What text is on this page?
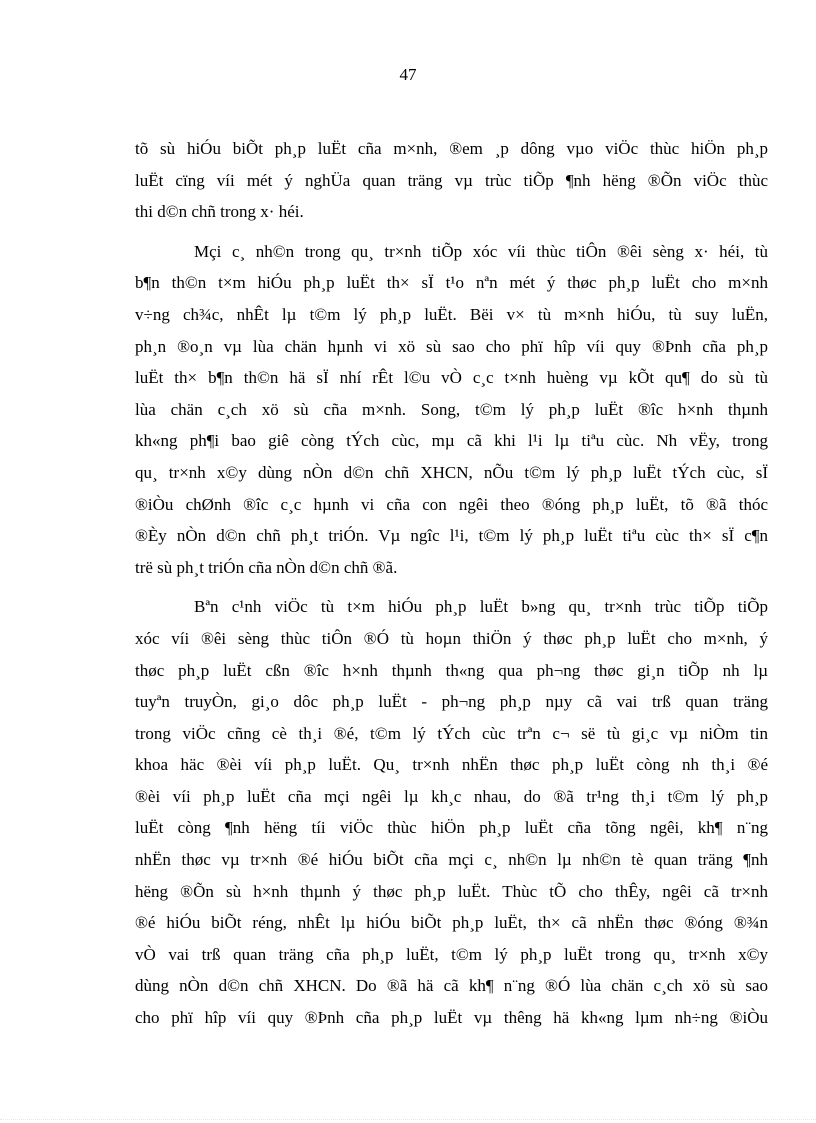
47
tõ sù hiÓu biÕt ph¸p luËt cña m×nh, ®em ¸p dông vµo viÖc thùc hiÖn ph¸p
luËt cïng víi mét ý nghÜa quan träng vµ trùc tiÕp ¶nh hëng ®Õn viÖc thùc
thi d©n chñ trong x· héi.
Mçi c¸ nh©n trong qu¸ tr×nh tiÕp xóc víi thùc tiÔn ®êi sèng x· héi, tù
b¶n th©n t×m hiÓu ph¸p luËt th× sÏ t¹o nªn mét ý thøc ph¸p luËt cho m×nh
v÷ng ch¾c, nhÊt lµ t©m lý ph¸p luËt. Bëi v× tù m×nh hiÓu, tù suy luËn,
ph¸n ®o¸n vµ lùa chän hµnh vi xö sù sao cho phï hîp víi quy ®Þnh cña ph¸p
luËt th× b¶n th©n hä sÏ nhí rÊt l©u vÒ c¸c t×nh huèng vµ kÕt qu¶ do sù tù
lùa chän c¸ch xö sù cña m×nh. Song, t©m lý ph¸p luËt ®îc h×nh thµnh
kh«ng ph¶i bao giê còng tÝch cùc, mµ cã khi l¹i lµ tiªu cùc. Nh vËy, trong
qu¸ tr×nh x©y dùng nÒn d©n chñ XHCN, nÕu t©m lý ph¸p luËt tÝch cùc, sÏ
®iÒu chØnh ®îc c¸c hµnh vi cña con ngêi theo ®óng ph¸p luËt, tõ ®ã thóc
®Èy nÒn d©n chñ ph¸t triÓn. Vµ ngîc l¹i, t©m lý ph¸p luËt tiªu cùc th× sÏ c¶n
trë sù ph¸t triÓn cña nÒn d©n chñ ®ã.
Bªn c¹nh viÖc tù t×m hiÓu ph¸p luËt b»ng qu¸ tr×nh trùc tiÕp tiÕp
xóc víi ®êi sèng thùc tiÔn ®Ó tù hoµn thiÖn ý thøc ph¸p luËt cho m×nh, ý
thøc ph¸p luËt cßn ®îc h×nh thµnh th«ng qua ph¬ng thøc gi¸n tiÕp nh lµ
tuyªn truyÒn, gi¸o dôc ph¸p luËt - ph¬ng ph¸p nµy cã vai trß quan träng
trong viÖc cñng cè th¸i ®é, t©m lý tÝch cùc trªn c¬ së tù gi¸c vµ niÒm tin
khoa häc ®èi víi ph¸p luËt. Qu¸ tr×nh nhËn thøc ph¸p luËt còng nh th¸i ®é
®èi víi ph¸p luËt cña mçi ngêi lµ kh¸c nhau, do ®ã tr¹ng th¸i t©m lý ph¸p
luËt còng ¶nh hëng tíi viÖc thùc hiÖn ph¸p luËt cña tõng ngêi, kh¶ n¨ng
nhËn thøc vµ tr×nh ®é hiÓu biÕt cña mçi c¸ nh©n lµ nh©n tè quan träng ¶nh
hëng ®Õn sù h×nh thµnh ý thøc ph¸p luËt. Thùc tÕ cho thÊy, ngêi cã tr×nh
®é hiÓu biÕt réng, nhÊt lµ hiÓu biÕt ph¸p luËt, th× cã nhËn thøc ®óng ®¾n
vÒ vai trß quan träng cña ph¸p luËt, t©m lý ph¸p luËt trong qu¸ tr×nh x©y
dùng nÒn d©n chñ XHCN. Do ®ã hä cã kh¶ n¨ng ®Ó lùa chän c¸ch xö sù sao
cho phï hîp víi quy ®Þnh cña ph¸p luËt vµ thêng hä kh«ng lµm nh÷ng ®iÒu
